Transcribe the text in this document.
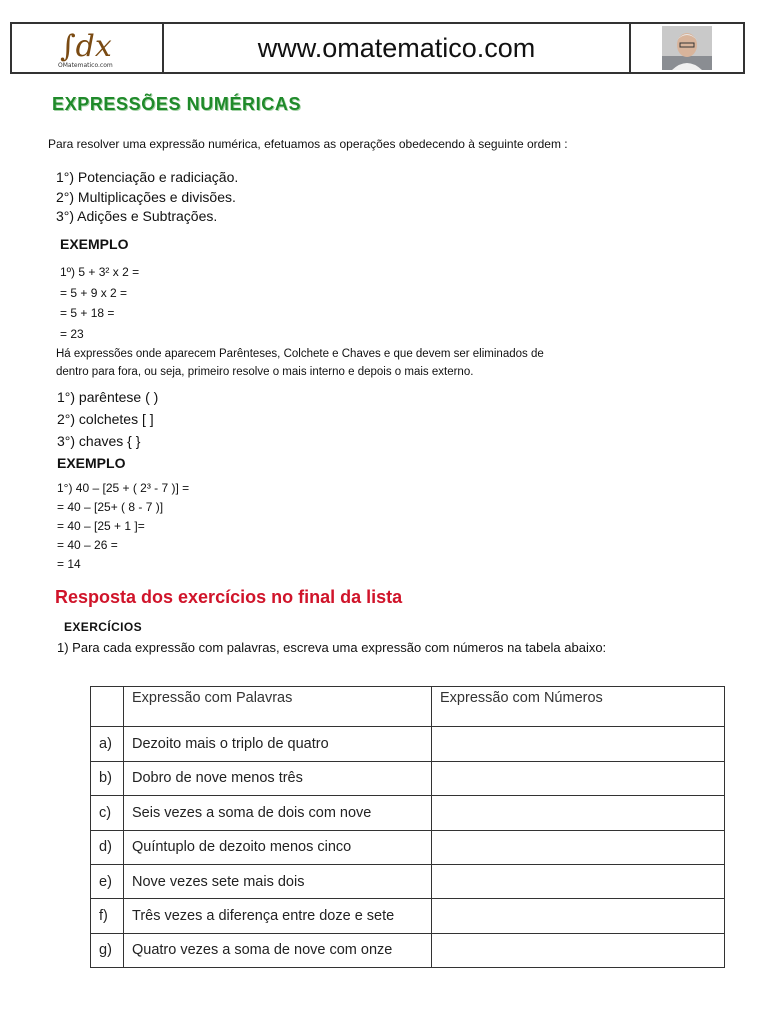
∫dx
OMatematico.com
www.omatematico.com
EXPRESSÕES NUMÉRICAS
Para resolver uma expressão numérica, efetuamos as operações obedecendo à seguinte ordem :
1°) Potenciação e radiciação.
2°) Multiplicações e divisões.
3°) Adições e Subtrações.
EXEMPLO
1º) 5 + 3² x 2 =
= 5 + 9 x 2 =
= 5 + 18 =
= 23
Há expressões onde aparecem Parênteses, Colchete e Chaves e que devem ser eliminados de
dentro para fora, ou seja, primeiro resolve o mais interno e depois o mais externo.
1°) parêntese ( )
2°) colchetes [ ]
3°) chaves { }
EXEMPLO
1°) 40 – [25 + ( 2³ - 7 )] =
= 40 – [25+ ( 8 - 7 )]
= 40 – [25 + 1 ]=
= 40 – 26 =
= 14
Resposta dos exercícios no final da lista
EXERCÍCIOS
1) Para cada expressão com palavras, escreva uma expressão com números na tabela abaixo:
	Expressão com Palavras	Expressão com Números
a)	Dezoito mais o triplo de quatro	
b)	Dobro de nove menos três	
c)	Seis vezes a soma de dois com nove	
d)	Quíntuplo de dezoito menos cinco	
e)	Nove vezes sete mais dois	
f)	Três vezes a diferença entre doze e sete	
g)	Quatro vezes a soma de nove com onze	
